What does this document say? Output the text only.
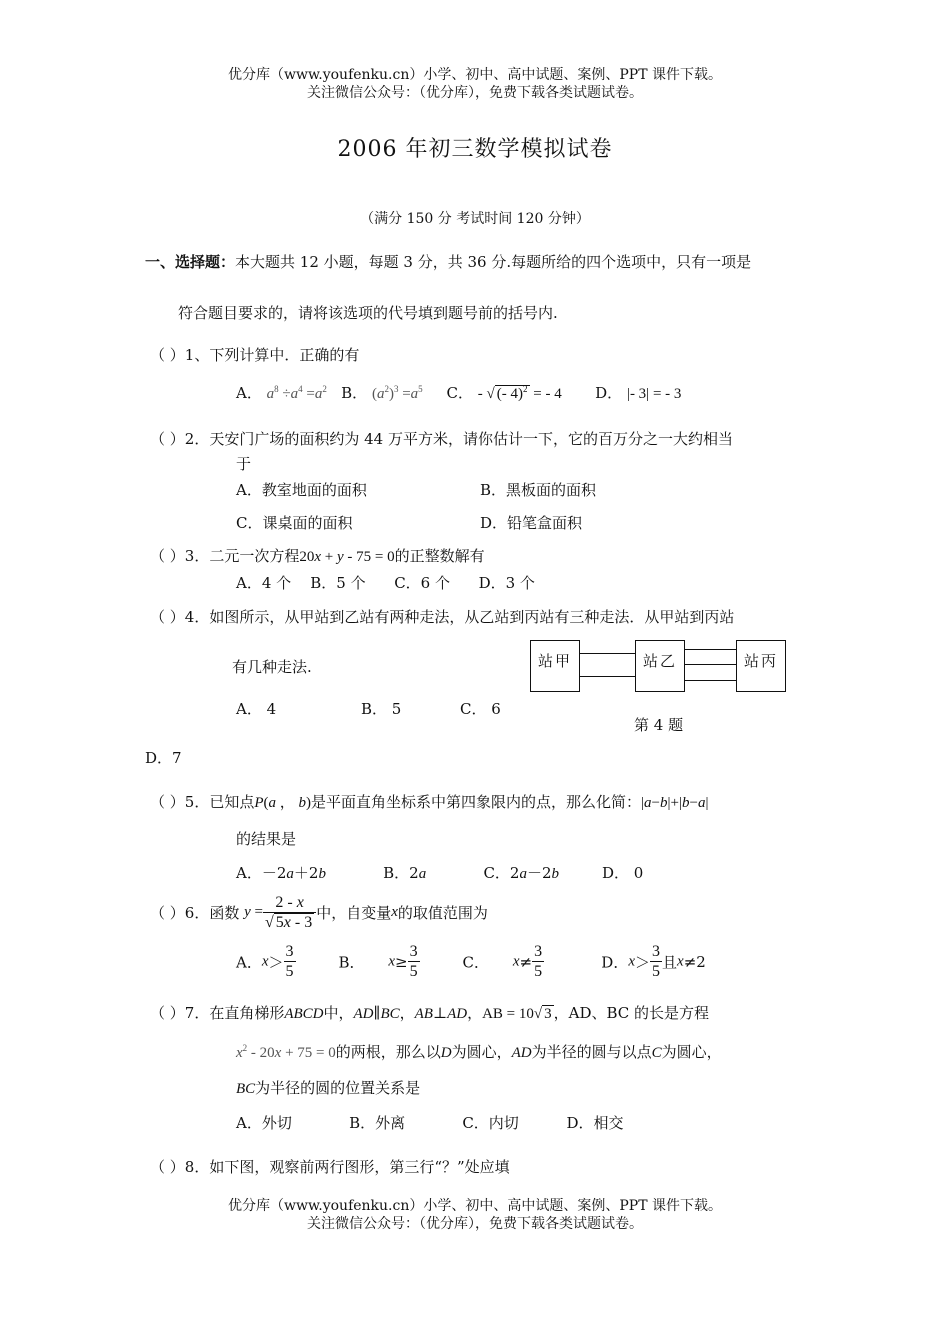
优分库（www.youfenku.cn）小学、初中、高中试题、案例、PPT 课件下载。
关注微信公众号：（优分库），免费下载各类试题试卷。
2006 年初三数学模拟试卷
（满分 150 分 考试时间 120 分钟）
一、选择题：本大题共 12 小题，每题 3 分，共 36 分.每题所给的四个选项中，只有一项是
符合题目要求的，请将该选项的代号填到题号前的括号内.
（ ）1、下列计算中．正确的有
A． $a^8 \div a^4 =a^2$ B． $(a^2)^3 =a^5$ C． - √ (- 4)$^2$ = - 4 D． |- 3| = - 3
（ ）2．天安门广场的面积约为 44 万平方米，请你估计一下，它的百万分之一大约相当
于
A．教室地面的面积	B．黑板面的面积
C．课桌面的面积	D．铅笔盒面积
（ ）3．二元一次方程20x + y - 75 = 0的正整数解有
A．4 个 B．5 个 C．6 个 D．3 个
（ ）4．如图所示，从甲站到乙站有两种走法，从乙站到丙站有三种走法．从甲站到丙站
有几种走法.
A． 4	B． 5	C． 6
D．7
站甲	站乙	站丙
第 4 题
（ ）5．已知点P(a ， b)是平面直角坐标系中第四象限内的点，那么化简：|a−b|+|b−a|
的结果是
A．－2a＋2b	B．2a	C．2a－2b	D． 0
（ ）6．函数 $y = \frac{2 - x}{√ 5x - 3}$ 中，自变量x的取值范围为
A．$x> \frac{3}{5}$	B． $x\ge \frac{3}{5}$	C． $x\ne \frac{3}{5}$	D．$x> \frac{3}{5}$ 且x≠2
（ ）7．在直角梯形ABCD中，AD∥BC，AB⊥AD，AB = 10√ 3 ，AD、BC 的长是方程
$x^2 - 20x + 75 = 0$的两根，那么以D为圆心，AD为半径的圆与以点C为圆心，
BC为半径的圆的位置关系是
A．外切	B．外离	C．内切	D．相交
（ ）8．如下图，观察前两行图形，第三行“？”处应填
优分库（www.youfenku.cn）小学、初中、高中试题、案例、PPT 课件下载。
关注微信公众号：（优分库），免费下载各类试题试卷。
